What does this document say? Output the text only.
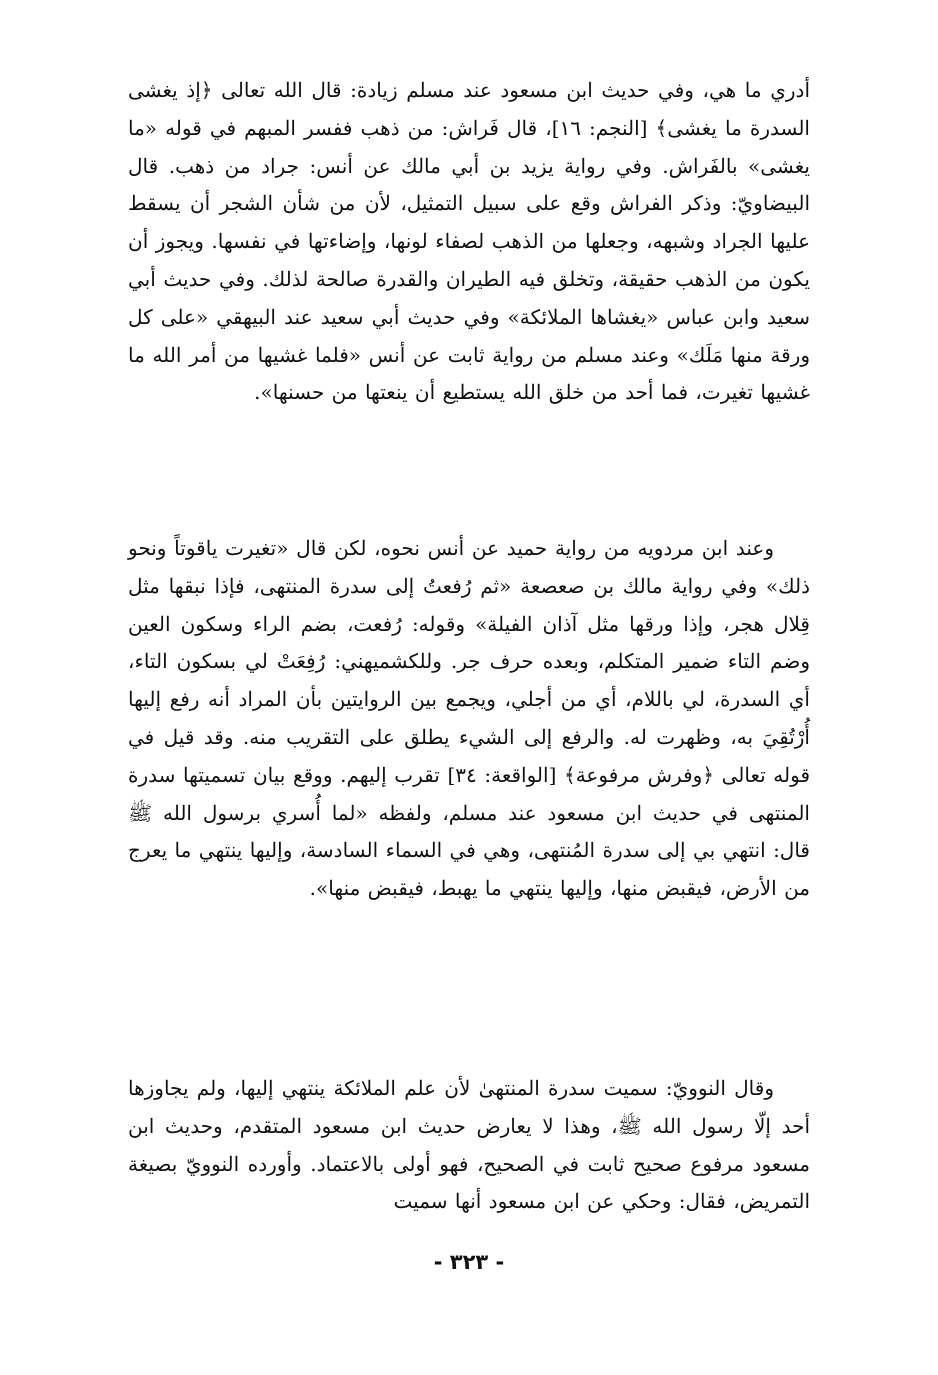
أدري ما هي، وفي حديث ابن مسعود عند مسلم زيادة: قال الله تعالى ﴿إذ يغشى السدرة ما يغشى﴾ [النجم: ١٦]، قال فَراش: من ذهب ففسر المبهم في قوله «ما يغشى» بالفَراش. وفي رواية يزيد بن أبي مالك عن أنس: جراد من ذهب. قال البيضاويّ: وذكر الفراش وقع على سبيل التمثيل، لأن من شأن الشجر أن يسقط عليها الجراد وشبهه، وجعلها من الذهب لصفاء لونها، وإضاءتها في نفسها. ويجوز أن يكون من الذهب حقيقة، وتخلق فيه الطيران والقدرة صالحة لذلك. وفي حديث أبي سعيد وابن عباس «يغشاها الملائكة» وفي حديث أبي سعيد عند البيهقي «على كل ورقة منها مَلَك» وعند مسلم من رواية ثابت عن أنس «فلما غشيها من أمر الله ما غشيها تغيرت، فما أحد من خلق الله يستطيع أن ينعتها من حسنها».

وعند ابن مردويه من رواية حميد عن أنس نحوه، لكن قال «تغيرت ياقوتاً ونحو ذلك» وفي رواية مالك بن صعصعة «ثم رُفعتُ إلى سدرة المنتهى، فإذا نبقها مثل قِلال هجر، وإذا ورقها مثل آذان الفيلة» وقوله: رُفعت، بضم الراء وسكون العين وضم التاء ضمير المتكلم، وبعده حرف جر. وللكشميهني: رُفِعَتْ لي بسكون التاء، أي السدرة، لي باللام، أي من أجلي، ويجمع بين الروايتين بأن المراد أنه رفع إليها أُرْتُقِيَ به، وظهرت له. والرفع إلى الشيء يطلق على التقريب منه. وقد قيل في قوله تعالى ﴿وفرش مرفوعة﴾ [الواقعة: ٣٤] تقرب إليهم. ووقع بيان تسميتها سدرة المنتهى في حديث ابن مسعود عند مسلم، ولفظه «لما أُسري برسول الله ﷺ قال: انتهي بي إلى سدرة المُنتهى، وهي في السماء السادسة، وإليها ينتهي ما يعرج من الأرض، فيقبض منها، وإليها ينتهي ما يهبط، فيقبض منها».

وقال النوويّ: سميت سدرة المنتهىٰ لأن علم الملائكة ينتهي إليها، ولم يجاوزها أحد إلّا رسول الله ﷺ، وهذا لا يعارض حديث ابن مسعود المتقدم، وحديث ابن مسعود مرفوع صحيح ثابت في الصحيح، فهو أولى بالاعتماد. وأورده النوويّ بصيغة التمريض، فقال: وحكي عن ابن مسعود أنها سميت

- ٣٢٣ -
